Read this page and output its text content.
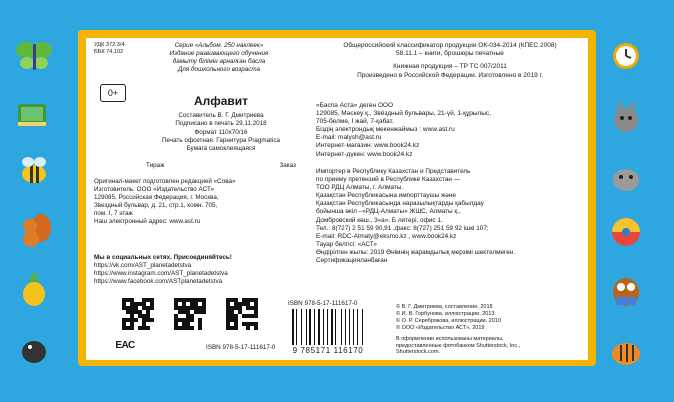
УДК 372.3/4
ББК 74.102
Серия «Альбом. 250 наклеек»
Издание развивающего обучения
дамыту білімін арналған басла
Для дошкольного возраста
0+
Алфавит
Составитель В. Г. Дмитриева
Подписано в печать 29.11.2018
Формат 110х70/16
Печать офсетная. Гарнитура Pragmatica
Бумага самоклеящаяся
Тираж	Заказ
Оригинал-макет подготовлен редакцией «Сова»
Изготовитель: ООО «Издательство АСТ»
129085, Российская Федерация, г. Москва,
Звездный бульвар, д. 21, стр.1, комн. 705,
пом. I, 7 этаж
Наш электронный адрес: www.ast.ru
Мы в социальных сетях. Присоединяйтесь!
https://vk.com/AST_planetadetstva
https://www.instagram.com/AST_planetadetstva
https://www.facebook.com/ASTplanetadetstva
ЕАС	ISBN 978-5-17-111617-0
ISBN 978-5-17-111617-0
9 785171 116170
Общероссийский классификатор продукции ОК-034-2014 (КПЕС 2008)
58.11.1 – книги, брошюры печатные
Книжная продукция – ТР ТС 007/2011
Произведено в Российской Федерации. Изготовлено в 2019 г.
«Баспа Аста» деген ООО
129085, Мәскеу қ., Звёздный бульвары, 21-үй, 1-құрылыс,
705-белме, I жай, 7-қабат.
Біздің электрондық мекенжаймыз : www.ast.ru
E-mail: malysh@ast.ru
Интернет-магазин: www.book24.kz
Интернет-дүкен: www.book24.kz
Импортер в Республику Казахстан и Представитель
по приему претензий в Республике Казахстан —
ТОО РДЦ Алматы, г. Алматы.
Қазақстан Республикасына импорттаушы және
Қазақстан Республикасында наразылықтарды қабылдау
бойынша өкіл –«РДЦ-Алматы» ЖШС, Алматы қ.,
Домбровский көш., 3«а», Б литері, офис 1.
Тел.: 8(727) 2 51 59 90,91 ,факс: 8(727) 251 59 92 ішкі 107;
E-mail: RDC-Almaty@eksmo.kz , www.book24.kz
Тауар белгісі: «АСТ»
Өндірілген жылы: 2019 Өнімнің жарамдылық мерзімі шектелмеген.
Сертификацияланбаған
© В. Г. Дмитриева, составление, 2018
© И. В. Горбунова, иллюстрации, 2013
© О. Р. Серебрякова, иллюстрации, 2010
© ООО «Издательство АСТ», 2019
В оформлении использованы материалы,
предоставленные фотобанком Shutterstock, Inc.,
Shutterstock.com.
